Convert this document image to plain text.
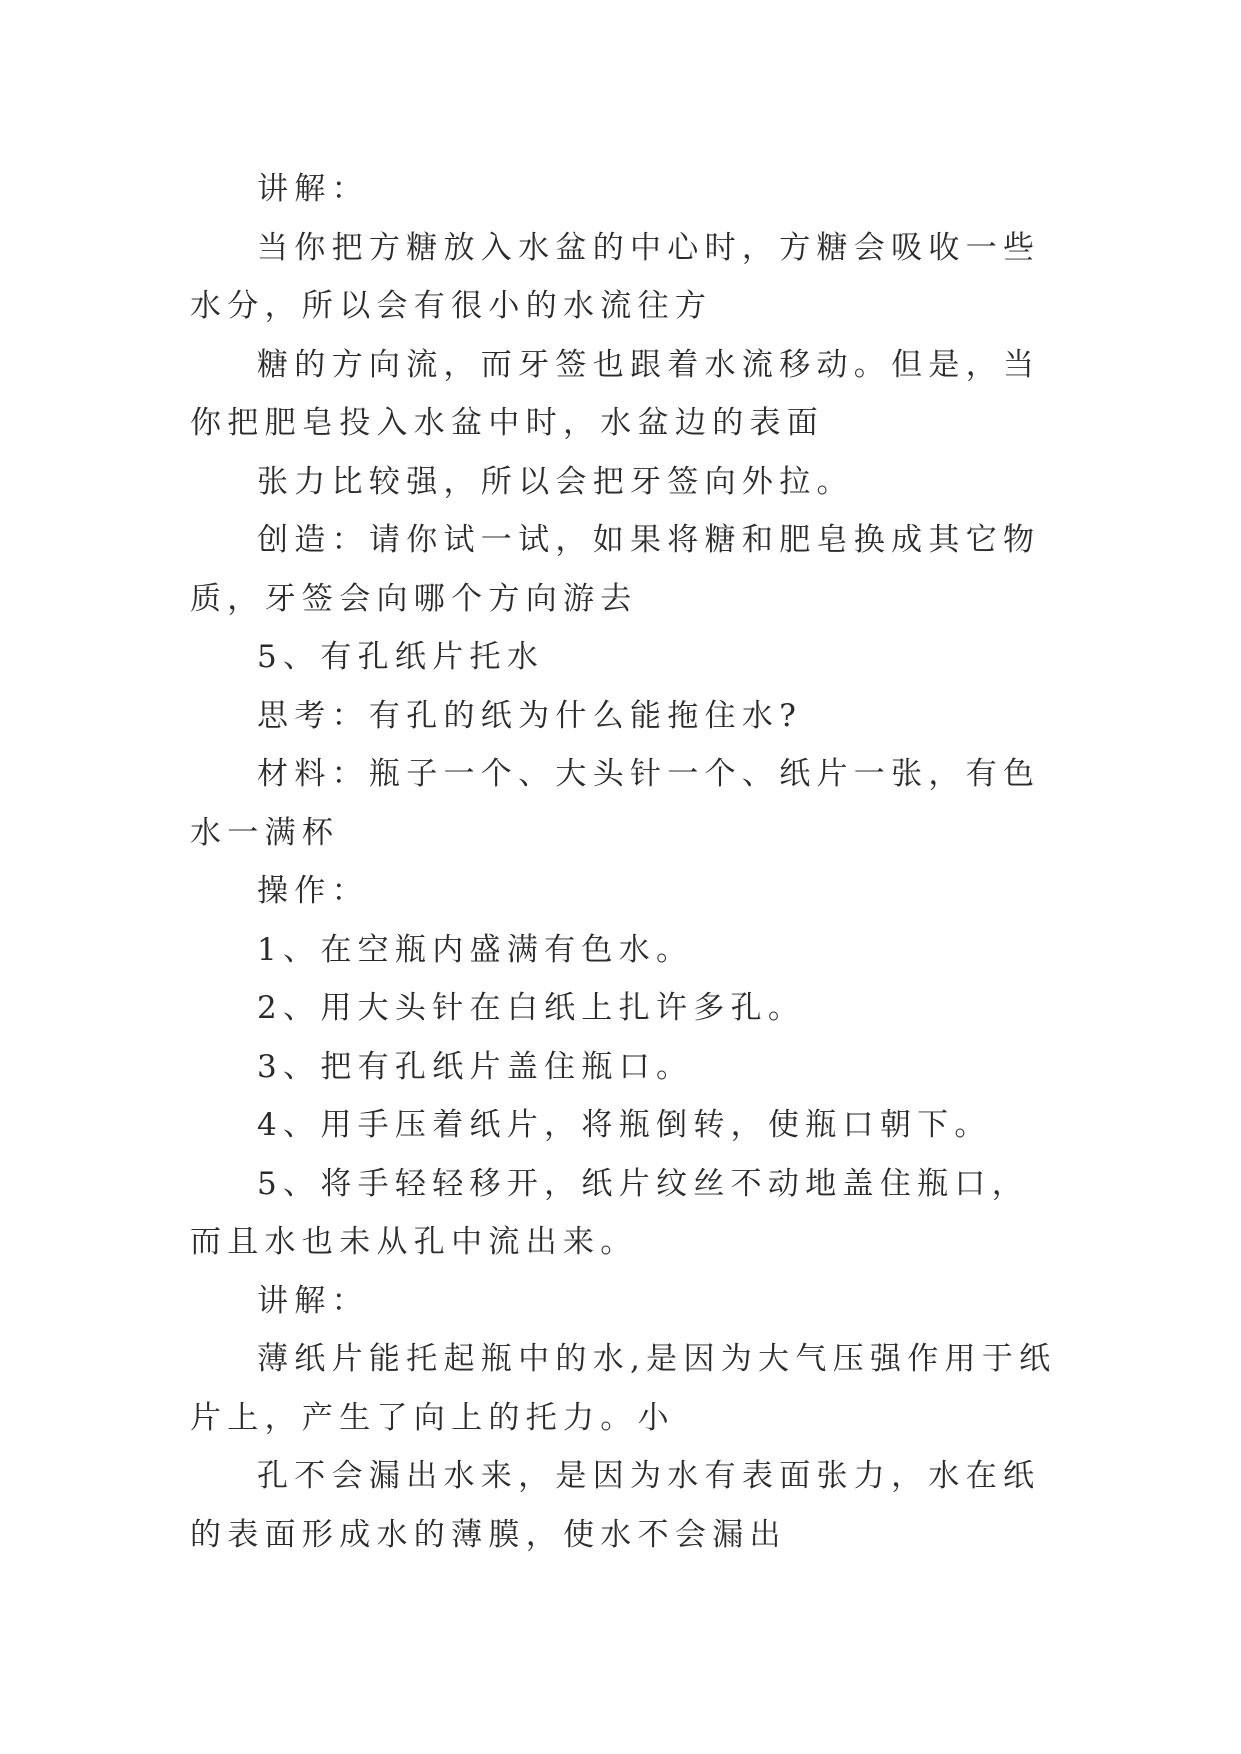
讲解：

当你把方糖放入水盆的中心时，方糖会吸收一些水分，所以会有很小的水流往方

糖的方向流，而牙签也跟着水流移动。但是，当你把肥皂投入水盆中时，水盆边的表面

张力比较强，所以会把牙签向外拉。

创造：请你试一试，如果将糖和肥皂换成其它物质，牙签会向哪个方向游去

5、有孔纸片托水

思考：有孔的纸为什么能拖住水?

材料：瓶子一个、大头针一个、纸片一张，有色水一满杯

操作：

1、在空瓶内盛满有色水。

2、用大头针在白纸上扎许多孔。

3、把有孔纸片盖住瓶口。

4、用手压着纸片，将瓶倒转，使瓶口朝下。

5、将手轻轻移开，纸片纹丝不动地盖住瓶口，而且水也未从孔中流出来。

讲解：

薄纸片能托起瓶中的水,是因为大气压强作用于纸片上，产生了向上的托力。小

孔不会漏出水来，是因为水有表面张力，水在纸的表面形成水的薄膜，使水不会漏出
